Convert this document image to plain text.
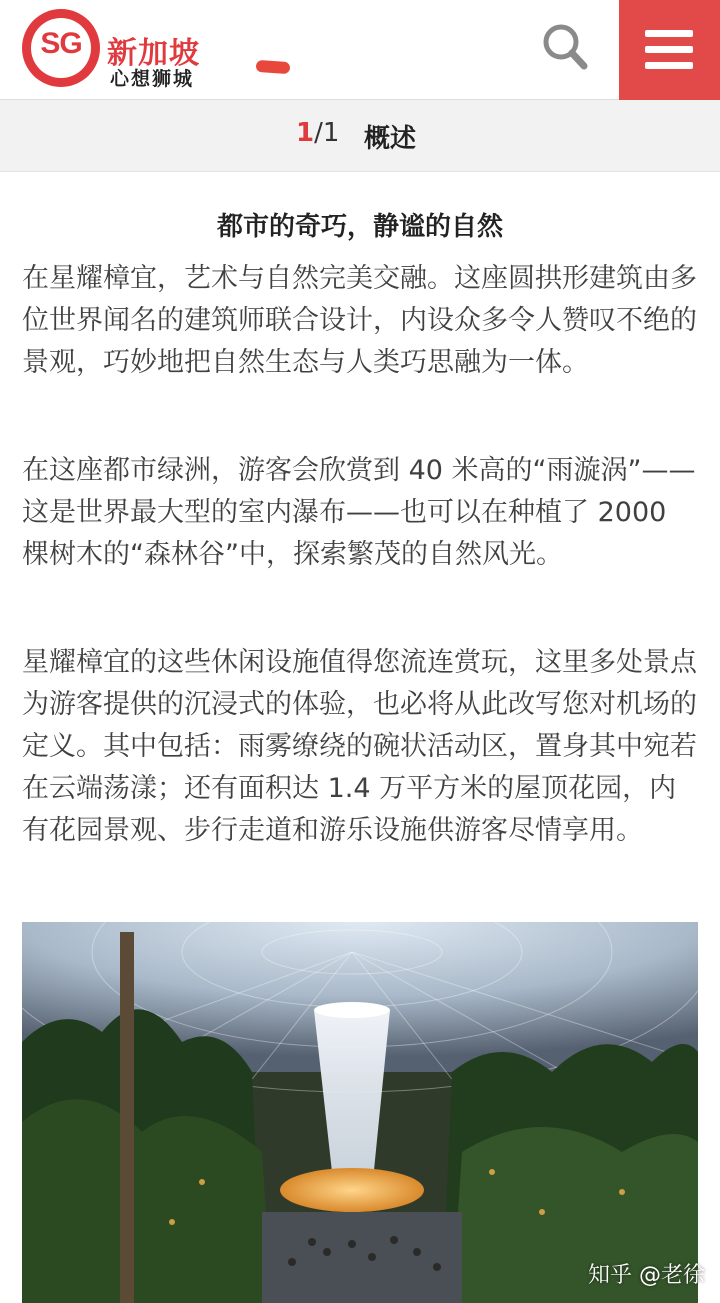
SG 新加坡
心想狮城
1/1 概述
都市的奇巧，静谧的自然

在星耀樟宜，艺术与自然完美交融。这座圆拱形建筑由多位世界闻名的建筑师联合设计，内设众多令人赞叹不绝的景观，巧妙地把自然生态与人类巧思融为一体。

在这座都市绿洲，游客会欣赏到 40 米高的“雨漩涡”——这是世界最大型的室内瀑布——也可以在种植了 2000 棵树木的“森林谷”中，探索繁茂的自然风光。

星耀樟宜的这些休闲设施值得您流连赏玩，这里多处景点为游客提供的沉浸式的体验，也必将从此改写您对机场的定义。其中包括：雨雾缭绕的碗状活动区，置身其中宛若在云端荡漾；还有面积达 1.4 万平方米的屋顶花园，内有花园景观、步行走道和游乐设施供游客尽情享用。

知乎 @老徐
